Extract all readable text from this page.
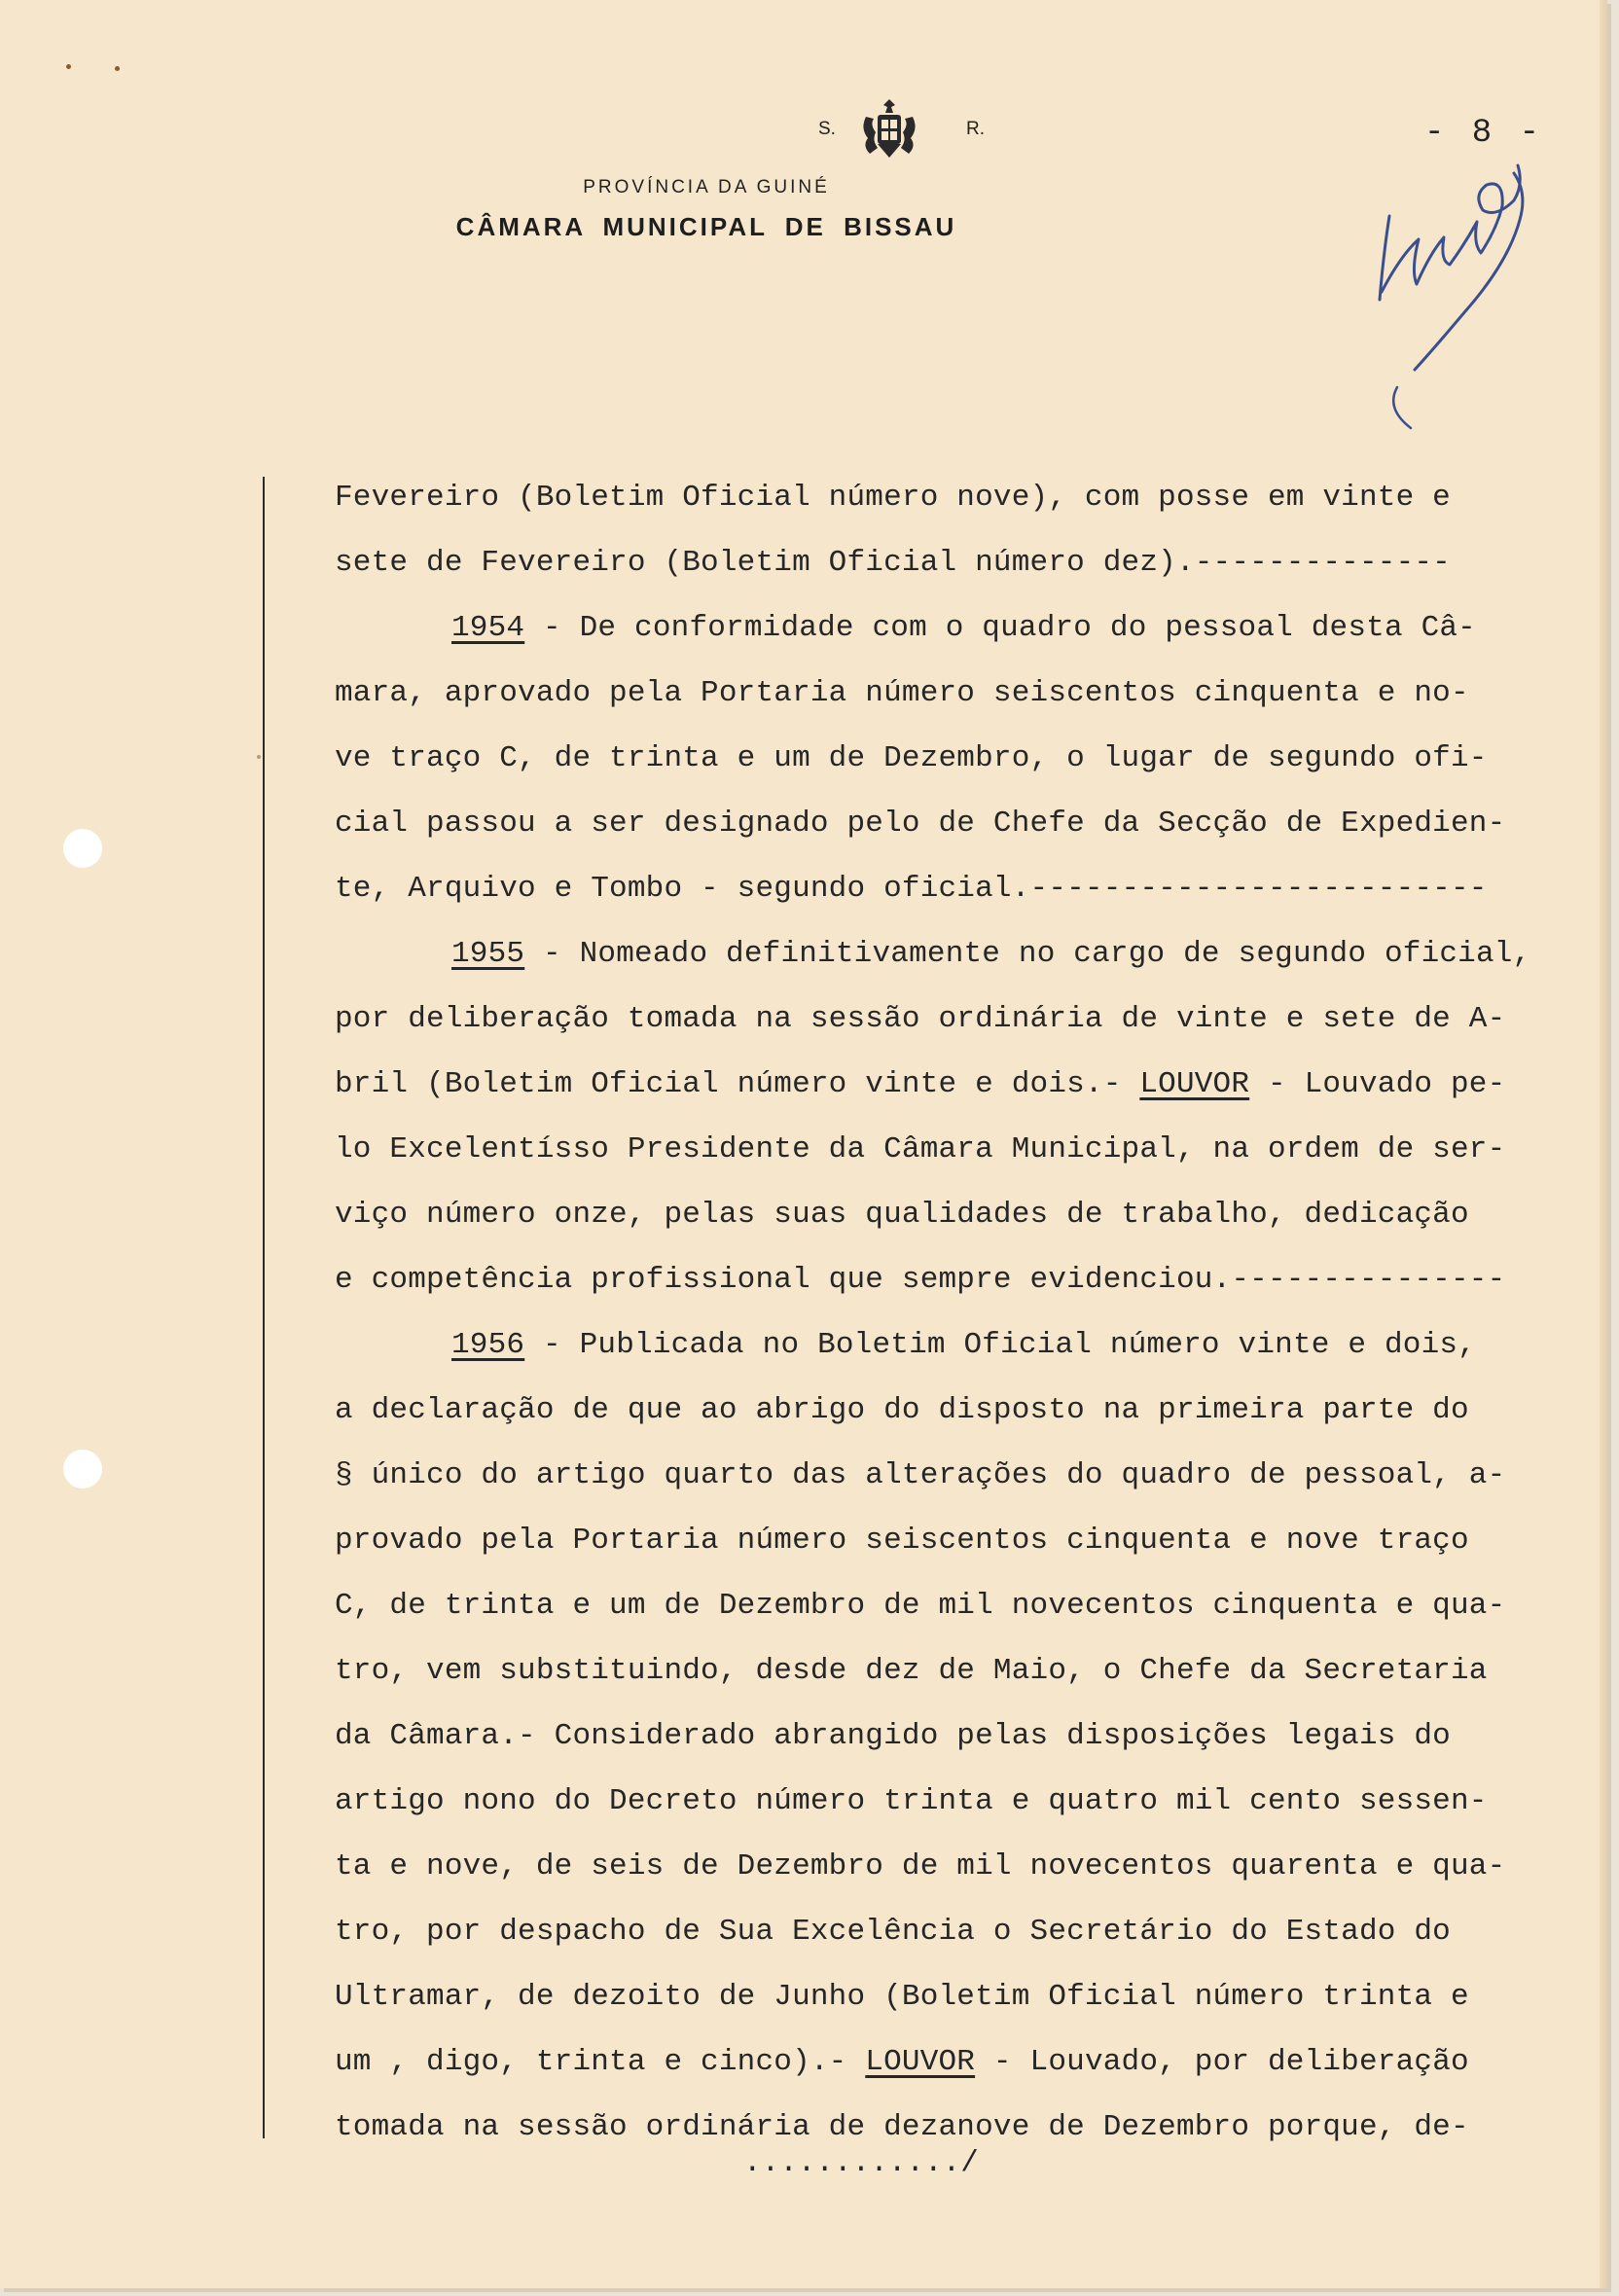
S.	R.
PROVÍNCIA DA GUINÉ
CÂMARA MUNICIPAL DE BISSAU
- 8 -
Fevereiro (Boletim Oficial número nove), com posse em vinte e
sete de Fevereiro (Boletim Oficial número dez).--------------
1954 - De conformidade com o quadro do pessoal desta Câ-
mara, aprovado pela Portaria número seiscentos cinquenta e no-
ve traço C, de trinta e um de Dezembro, o lugar de segundo ofi-
cial passou a ser designado pelo de Chefe da Secção de Expedien-
te, Arquivo e Tombo - segundo oficial.-------------------------
1955 - Nomeado definitivamente no cargo de segundo oficial,
por deliberação tomada na sessão ordinária de vinte e sete de A-
bril (Boletim Oficial número vinte e dois.- LOUVOR - Louvado pe-
lo Excelentísso Presidente da Câmara Municipal, na ordem de ser-
viço número onze, pelas suas qualidades de trabalho, dedicação
e competência profissional que sempre evidenciou.---------------
1956 - Publicada no Boletim Oficial número vinte e dois,
a declaração de que ao abrigo do disposto na primeira parte do
§ único do artigo quarto das alterações do quadro de pessoal, a-
provado pela Portaria número seiscentos cinquenta e nove traço
C, de trinta e um de Dezembro de mil novecentos cinquenta e qua-
tro, vem substituindo, desde dez de Maio, o Chefe da Secretaria
da Câmara.- Considerado abrangido pelas disposições legais do
artigo nono do Decreto número trinta e quatro mil cento sessen-
ta e nove, de seis de Dezembro de mil novecentos quarenta e qua-
tro, por despacho de Sua Excelência o Secretário do Estado do
Ultramar, de dezoito de Junho (Boletim Oficial número trinta e
um , digo, trinta e cinco).- LOUVOR - Louvado, por deliberação
tomada na sessão ordinária de dezanove de Dezembro porque, de-
............/
